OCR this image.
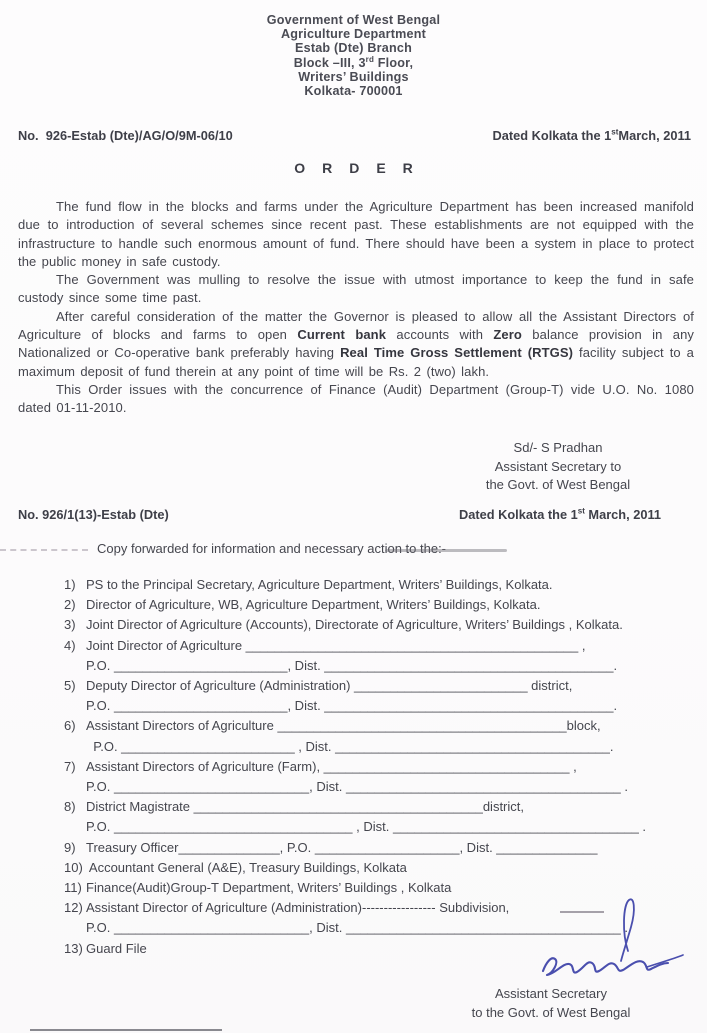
Government of West Bengal
Agriculture Department
Estab (Dte) Branch
Block –III, 3rd Floor,
Writers’ Buildings
Kolkata- 700001
No.  926-Estab (Dte)/AG/O/9M-06/10	Dated Kolkata the 1stMarch, 2011
ORDER

The fund flow in the blocks and farms under the Agriculture Department has been increased manifold due to introduction of several schemes since recent past. These establishments are not equipped with the infrastructure to handle such enormous amount of fund. There should have been a system in place to protect the public money in safe custody.

The Government was mulling to resolve the issue with utmost importance to keep the fund in safe custody since some time past.

After careful consideration of the matter the Governor is pleased to allow all the Assistant Directors of Agriculture of blocks and farms to open Current bank accounts with Zero balance provision in any Nationalized or Co-operative bank preferably having Real Time Gross Settlement (RTGS) facility subject to a maximum deposit of fund therein at any point of time will be Rs. 2 (two) lakh.

This Order issues with the concurrence of Finance (Audit) Department (Group-T) vide U.O. No. 1080 dated 01-11-2010.

Sd/- S Pradhan
Assistant Secretary to
the Govt. of West Bengal
No. 926/1(13)-Estab (Dte)	Dated Kolkata the 1st March, 2011
Copy forwarded for information and necessary action to the:-
1) PS to the Principal Secretary, Agriculture Department, Writers’ Buildings, Kolkata.
2) Director of Agriculture, WB, Agriculture Department, Writers’ Buildings, Kolkata.
3) Joint Director of Agriculture (Accounts), Directorate of Agriculture, Writers’ Buildings , Kolkata.
4) Joint Director of Agriculture ______________________________________________ ,
P.O. ________________________, Dist. ________________________________________.
5) Deputy Director of Agriculture (Administration) ________________________ district,
P.O. ________________________, Dist. ________________________________________.
6) Assistant Directors of Agriculture ________________________________________block,
P.O. ________________________ , Dist. ______________________________________.
7) Assistant Directors of Agriculture (Farm), __________________________________ ,
P.O. ___________________________, Dist. ______________________________________ .
8) District Magistrate ________________________________________district,
P.O. _________________________________ , Dist. __________________________________ .
9) Treasury Officer______________, P.O. ____________________, Dist. ______________
10) Accountant General (A&E), Treasury Buildings, Kolkata
11) Finance(Audit)Group-T Department, Writers’ Buildings , Kolkata
12) Assistant Director of Agriculture (Administration)----------------- Subdivision,
P.O. ___________________________, Dist. ______________________________________ .
13) Guard File
Assistant Secretary
to the Govt. of West Bengal
